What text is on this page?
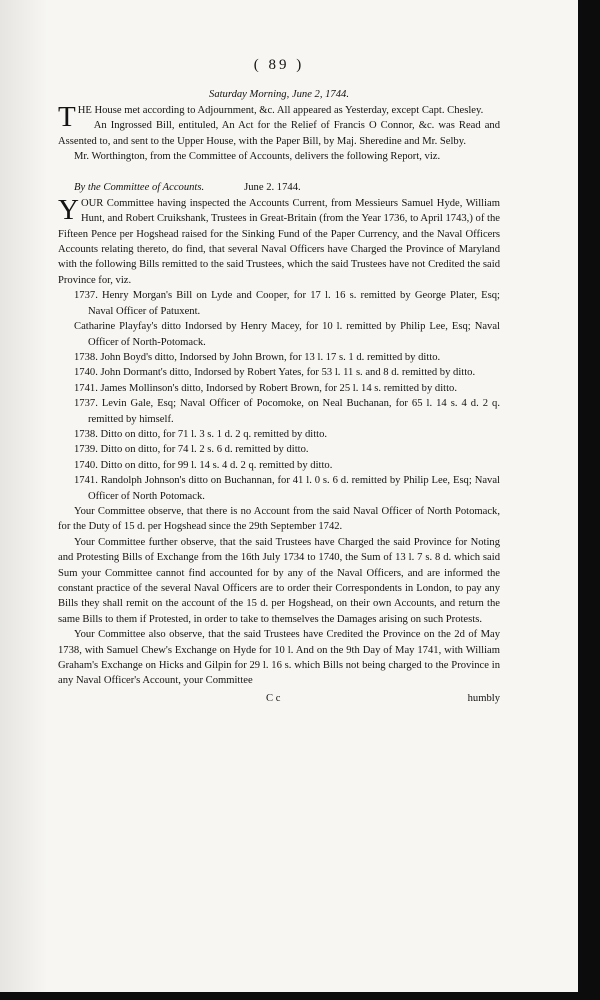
( 89 )

Saturday Morning, June 2, 1744.

THE House met according to Adjournment, &c. All appeared as Yesterday, except Capt. Chesley.

An Ingrossed Bill, entituled, An Act for the Relief of Francis O Connor, &c. was Read and Assented to, and sent to the Upper House, with the Paper Bill, by Maj. Sheredine and Mr. Selby.

Mr. Worthington, from the Committee of Accounts, delivers the following Report, viz.

By the Committee of Accounts.	June 2. 1744.

YOUR Committee having inspected the Accounts Current, from Messieurs Samuel Hyde, William Hunt, and Robert Cruikshank, Trustees in Great-Britain (from the Year 1736, to April 1743,) of the Fifteen Pence per Hogshead raised for the Sinking Fund of the Paper Currency, and the Naval Officers Accounts relating thereto, do find, that several Naval Officers have Charged the Province of Maryland with the following Bills remitted to the said Trustees, which the said Trustees have not Credited the said Province for, viz.

1737. Henry Morgan's Bill on Lyde and Cooper, for 17 l. 16 s. remitted by George Plater, Esq; Naval Officer of Patuxent.

Catharine Playfay's ditto Indorsed by Henry Macey, for 10 l. remitted by Philip Lee, Esq; Naval Officer of North-Potomack.

1738. John Boyd's ditto, Indorsed by John Brown, for 13 l. 17 s. 1 d. remitted by ditto.

1740. John Dormant's ditto, Indorsed by Robert Yates, for 53 l. 11 s. and 8 d. remitted by ditto.

1741. James Mollinson's ditto, Indorsed by Robert Brown, for 25 l. 14 s. remitted by ditto.

1737. Levin Gale, Esq; Naval Officer of Pocomoke, on Neal Buchanan, for 65 l. 14 s. 4 d. 2 q. remitted by himself.

1738. Ditto on ditto, for 71 l. 3 s. 1 d. 2 q. remitted by ditto.

1739. Ditto on ditto, for 74 l. 2 s. 6 d. remitted by ditto.

1740. Ditto on ditto, for 99 l. 14 s. 4 d. 2 q. remitted by ditto.

1741. Randolph Johnson's ditto on Buchannan, for 41 l. 0 s. 6 d. remitted by Philip Lee, Esq; Naval Officer of North Potomack.

Your Committee observe, that there is no Account from the said Naval Officer of North Potomack, for the Duty of 15 d. per Hogshead since the 29th September 1742.

Your Committee further observe, that the said Trustees have Charged the said Province for Noting and Protesting Bills of Exchange from the 16th July 1734 to 1740, the Sum of 13 l. 7 s. 8 d. which said Sum your Committee cannot find accounted for by any of the Naval Officers, and are informed the constant practice of the several Naval Officers are to order their Correspondents in London, to pay any Bills they shall remit on the account of the 15 d. per Hogshead, on their own Accounts, and return the same Bills to them if Protested, in order to take to themselves the Damages arising on such Protests.

Your Committee also observe, that the said Trustees have Credited the Province on the 2d of May 1738, with Samuel Chew's Exchange on Hyde for 10 l. And on the 9th Day of May 1741, with William Graham's Exchange on Hicks and Gilpin for 29 l. 16 s. which Bills not being charged to the Province in any Naval Officer's Account, your Committee

C c	humbly
